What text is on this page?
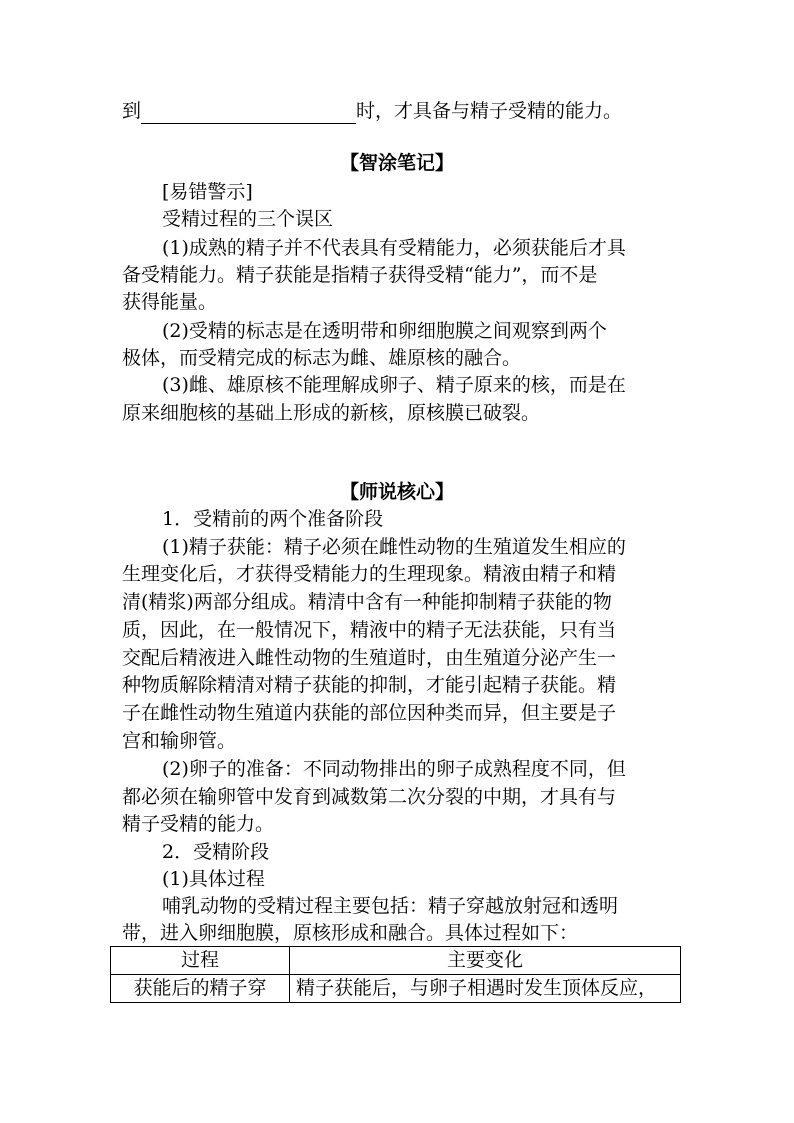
到	时，才具备与精子受精的能力。
【智涂笔记】
[易错警示]
受精过程的三个误区
(1)成熟的精子并不代表具有受精能力，必须获能后才具
备受精能力。精子获能是指精子获得受精“能力”，而不是
获得能量。
(2)受精的标志是在透明带和卵细胞膜之间观察到两个
极体，而受精完成的标志为雌、雄原核的融合。
(3)雌、雄原核不能理解成卵子、精子原来的核，而是在
原来细胞核的基础上形成的新核，原核膜已破裂。
【师说核心】
1．受精前的两个准备阶段
(1)精子获能：精子必须在雌性动物的生殖道发生相应的
生理变化后，才获得受精能力的生理现象。精液由精子和精
清(精浆)两部分组成。精清中含有一种能抑制精子获能的物
质，因此，在一般情况下，精液中的精子无法获能，只有当
交配后精液进入雌性动物的生殖道时，由生殖道分泌产生一
种物质解除精清对精子获能的抑制，才能引起精子获能。精
子在雌性动物生殖道内获能的部位因种类而异，但主要是子
宫和输卵管。
(2)卵子的准备：不同动物排出的卵子成熟程度不同，但
都必须在输卵管中发育到减数第二次分裂的中期，才具有与
精子受精的能力。
2．受精阶段
(1)具体过程
哺乳动物的受精过程主要包括：精子穿越放射冠和透明
带，进入卵细胞膜，原核形成和融合。具体过程如下：
过程	主要变化
获能后的精子穿	精子获能后，与卵子相遇时发生顶体反应，
